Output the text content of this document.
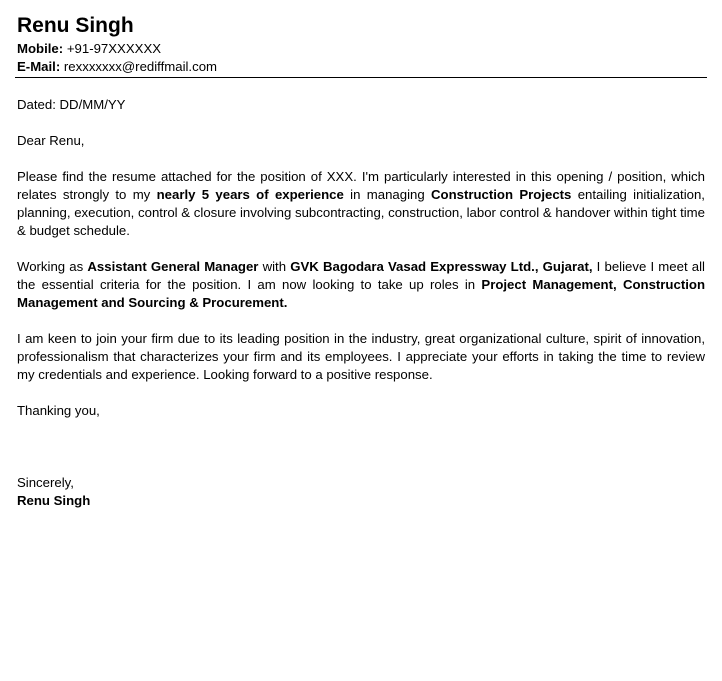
Renu Singh
Mobile: +91-97XXXXXX
E-Mail: rexxxxxxx@rediffmail.com

Dated: DD/MM/YY

Dear Renu,

Please find the resume attached for the position of XXX. I'm particularly interested in this opening / position, which relates strongly to my nearly 5 years of experience in managing Construction Projects entailing initialization, planning, execution, control & closure involving subcontracting, construction, labor control & handover within tight time & budget schedule.

Working as Assistant General Manager with GVK Bagodara Vasad Expressway Ltd., Gujarat, I believe I meet all the essential criteria for the position. I am now looking to take up roles in Project Management, Construction Management and Sourcing & Procurement.

I am keen to join your firm due to its leading position in the industry, great organizational culture, spirit of innovation, professionalism that characterizes your firm and its employees. I appreciate your efforts in taking the time to review my credentials and experience. Looking forward to a positive response.

Thanking you,

Sincerely,

Renu Singh
